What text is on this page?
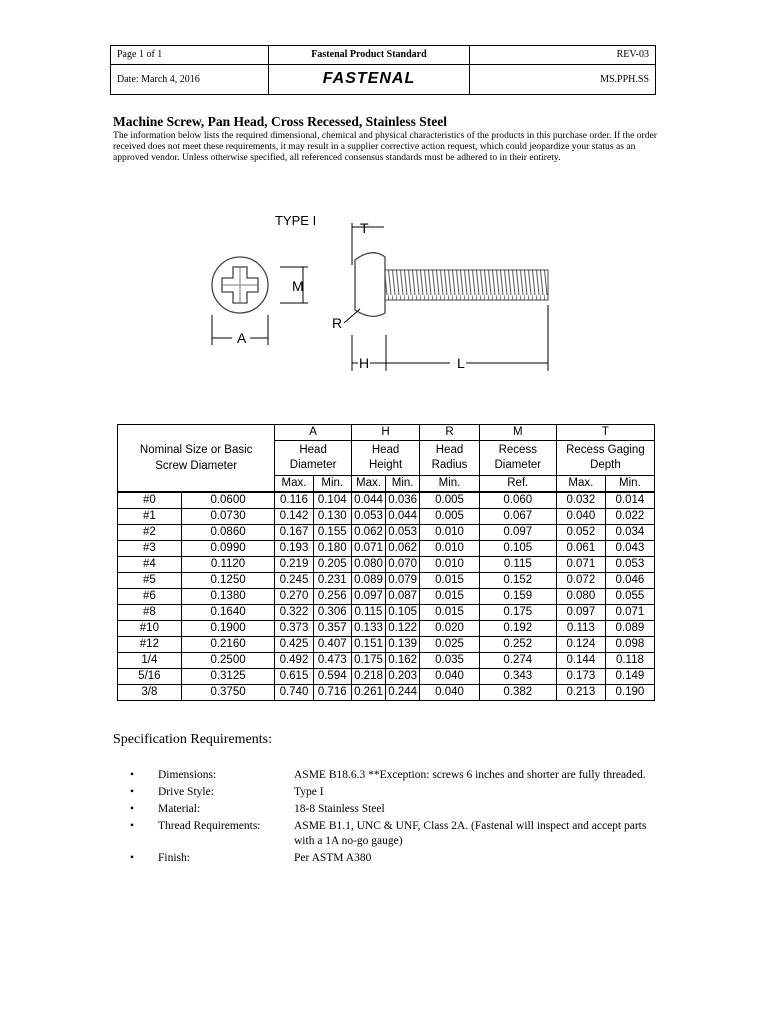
Page 1 of 1	Fastenal Product Standard	REV-03
Date: March 4, 2016	FASTENAL	MS.PPH.SS
Machine Screw, Pan Head, Cross Recessed, Stainless Steel

The information below lists the required dimensional, chemical and physical characteristics of the products in this purchase order. If the order received does not meet these requirements, it may result in a supplier corrective action request, which could jeopardize your status as an approved vendor. Unless otherwise specified, all referenced consensus standards must be adhered to in their entirety.

TYPE I
A
M
T
H	L
R
Nominal Size or Basic Screw Diameter		A		H		R	M	T	
		Head Diameter		Head Height		Head Radius	Recess Diameter	Recess Gaging Depth	
		Max.	Min.	Max.	Min.	Min.	Ref.	Max.	Min.
#0	0.0600	0.116	0.104	0.044	0.036	0.005	0.060	0.032	0.014
#1	0.0730	0.142	0.130	0.053	0.044	0.005	0.067	0.040	0.022
#2	0.0860	0.167	0.155	0.062	0.053	0.010	0.097	0.052	0.034
#3	0.0990	0.193	0.180	0.071	0.062	0.010	0.105	0.061	0.043
#4	0.1120	0.219	0.205	0.080	0.070	0.010	0.115	0.071	0.053
#5	0.1250	0.245	0.231	0.089	0.079	0.015	0.152	0.072	0.046
#6	0.1380	0.270	0.256	0.097	0.087	0.015	0.159	0.080	0.055
#8	0.1640	0.322	0.306	0.115	0.105	0.015	0.175	0.097	0.071
#10	0.1900	0.373	0.357	0.133	0.122	0.020	0.192	0.113	0.089
#12	0.2160	0.425	0.407	0.151	0.139	0.025	0.252	0.124	0.098
1/4	0.2500	0.492	0.473	0.175	0.162	0.035	0.274	0.144	0.118
5/16	0.3125	0.615	0.594	0.218	0.203	0.040	0.343	0.173	0.149
3/8	0.3750	0.740	0.716	0.261	0.244	0.040	0.382	0.213	0.190
Specification Requirements:
•	Dimensions:	ASME B18.6.3 **Exception: screws 6 inches and shorter are fully threaded.
•	Drive Style:	Type I
•	Material:	18-8 Stainless Steel
•	Thread Requirements:	ASME B1.1, UNC & UNF, Class 2A. (Fastenal will inspect and accept parts with a 1A no-go gauge)
•	Finish:	Per ASTM A380
